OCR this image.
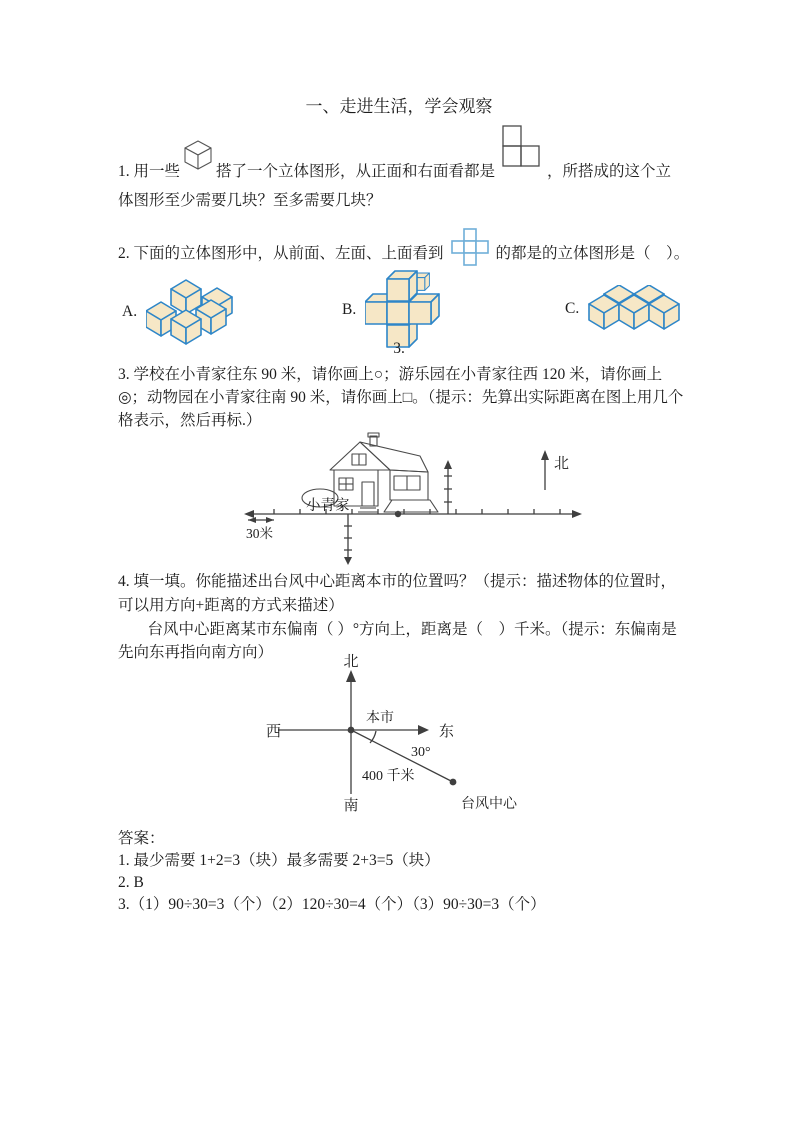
一、走进生活，学会观察
1. 用一些 搭了一个立体图形，从正面和右面看都是	，所搭成的这个立
体图形至少需要几块？至多需要几块？
2. 下面的立体图形中，从前面、左面、上面看到	的都是的立体图形是（　）。
A.	B.	C.
3.

3. 学校在小青家往东 90 米，请你画上○；游乐园在小青家往西 120 米，请你画上◎；动物园在小青家往南 90 米，请你画上□。（提示：先算出实际距离在图上用几个格表示，然后再标.）

30米
北
小青家

4. 填一填。你能描述出台风中心距离本市的位置吗？（提示：描述物体的位置时，可以用方向+距离的方式来描述）

台风中心距离某市东偏南（ ）°方向上，距离是（　）千米。（提示：东偏南是先向东再指向南方向）

北
南
西	东
本市
30°
400 千米
台风中心
答案：
1. 最少需要 1+2=3（块）最多需要 2+3=5（块）
2. B
3.（1）90÷30=3（个）（2）120÷30=4（个）（3）90÷30=3（个）
